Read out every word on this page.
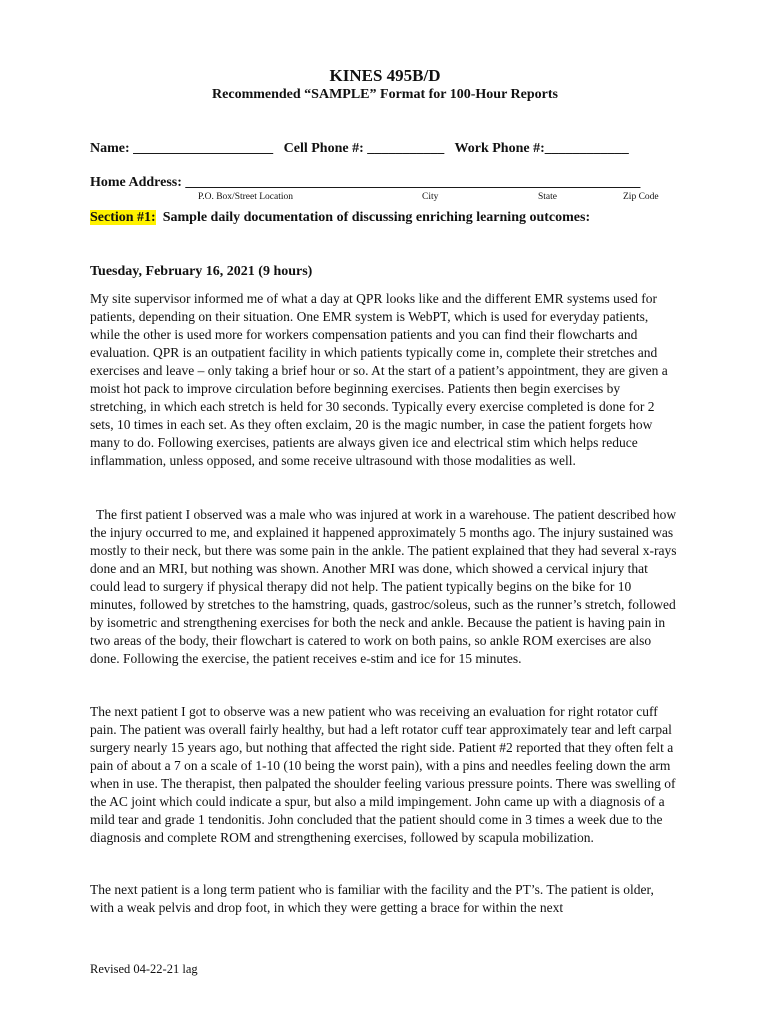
KINES 495B/D
Recommended “SAMPLE” Format for 100-Hour Reports
Name: ____________________ Cell Phone #: ___________ Work Phone #:____________
Home Address: _________________________________________________________________
P.O. Box/Street Location	City	State	Zip Code
Section #1: Sample daily documentation of discussing enriching learning outcomes:
Tuesday, February 16, 2021 (9 hours)

My site supervisor informed me of what a day at QPR looks like and the different EMR systems used for patients, depending on their situation. One EMR system is WebPT, which is used for everyday patients, while the other is used more for workers compensation patients and you can find their flowcharts and evaluation. QPR is an outpatient facility in which patients typically come in, complete their stretches and exercises and leave – only taking a brief hour or so. At the start of a patient’s appointment, they are given a moist hot pack to improve circulation before beginning exercises. Patients then begin exercises by stretching, in which each stretch is held for 30 seconds. Typically every exercise completed is done for 2 sets, 10 times in each set. As they often exclaim, 20 is the magic number, in case the patient forgets how many to do. Following exercises, patients are always given ice and electrical stim which helps reduce inflammation, unless opposed, and some receive ultrasound with those modalities as well.

The first patient I observed was a male who was injured at work in a warehouse. The patient described how the injury occurred to me, and explained it happened approximately 5 months ago. The injury sustained was mostly to their neck, but there was some pain in the ankle. The patient explained that they had several x-rays done and an MRI, but nothing was shown. Another MRI was done, which showed a cervical injury that could lead to surgery if physical therapy did not help. The patient typically begins on the bike for 10 minutes, followed by stretches to the hamstring, quads, gastroc/soleus, such as the runner’s stretch, followed by isometric and strengthening exercises for both the neck and ankle. Because the patient is having pain in two areas of the body, their flowchart is catered to work on both pains, so ankle ROM exercises are also done. Following the exercise, the patient receives e-stim and ice for 15 minutes.

The next patient I got to observe was a new patient who was receiving an evaluation for right rotator cuff pain. The patient was overall fairly healthy, but had a left rotator cuff tear approximately tear and left carpal surgery nearly 15 years ago, but nothing that affected the right side. Patient #2 reported that they often felt a pain of about a 7 on a scale of 1-10 (10 being the worst pain), with a pins and needles feeling down the arm when in use. The therapist, then palpated the shoulder feeling various pressure points. There was swelling of the AC joint which could indicate a spur, but also a mild impingement. John came up with a diagnosis of a mild tear and grade 1 tendonitis. John concluded that the patient should come in 3 times a week due to the diagnosis and complete ROM and strengthening exercises, followed by scapula mobilization.

The next patient is a long term patient who is familiar with the facility and the PT’s. The patient is older, with a weak pelvis and drop foot, in which they were getting a brace for within the next

Revised 04-22-21 lag
